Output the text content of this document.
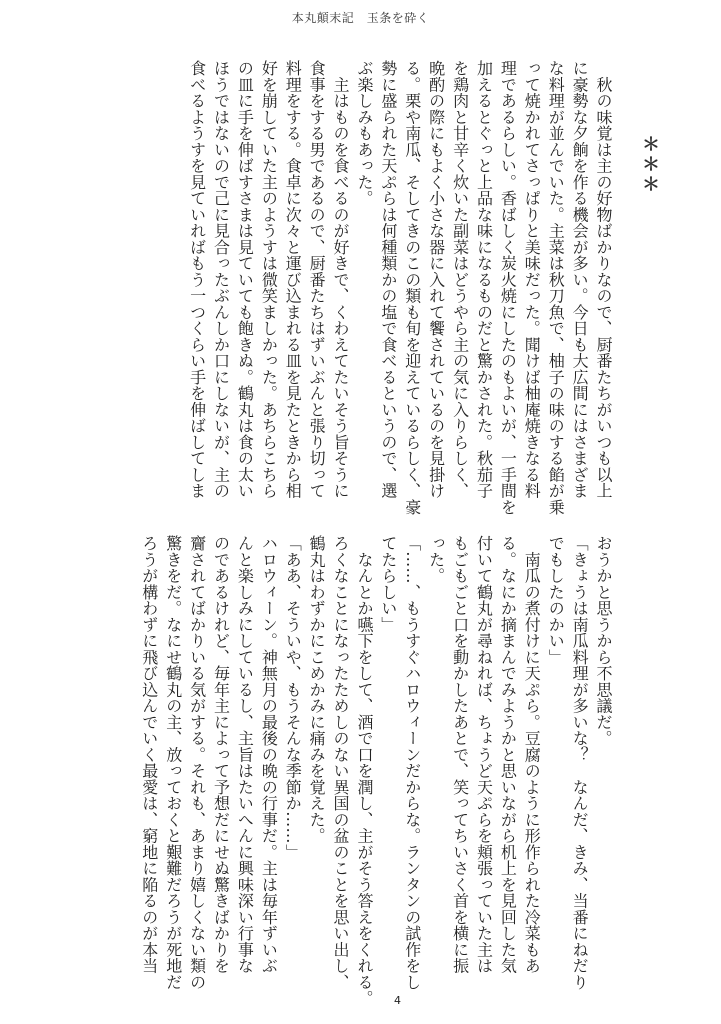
本丸顛末記　玉条を砕く
＊＊＊
　秋の味覚は主の好物ばかりなので、厨番たちがいつも以上
に豪勢な夕餉を作る機会が多い。今日も大広間にはさまざま
な料理が並んでいた。主菜は秋刀魚で、柚子の味のする餡が乗
って焼かれてさっぱりと美味だった。聞けば柚庵焼きなる料
理であるらしい。香ばしく炭火焼にしたのもよいが、一手間を
加えるとぐっと上品な味になるものだと驚かされた。秋茄子
を鶏肉と甘辛く炊いた副菜はどうやら主の気に入りらしく、
晩酌の際にもよく小さな器に入れて饗されているのを見掛け
る。栗や南瓜、そしてきのこの類も旬を迎えているらしく、豪
勢に盛られた天ぷらは何種類かの塩で食べるというので、選
ぶ楽しみもあった。
　主はものを食べるのが好きで、くわえてたいそう旨そうに
食事をする男であるので、厨番たちはずいぶんと張り切って
料理をする。食卓に次々と運び込まれる皿を見たときから相
好を崩していた主のようすは微笑ましかった。あちらこちら
の皿に手を伸ばすさまは見ていても飽きぬ。鶴丸は食の太い
ほうではないので己に見合ったぶんしか口にしないが、主の
食べるようすを見ていればもう一つくらい手を伸ばしてしま
おうかと思うから不思議だ。
「きょうは南瓜料理が多いな？　なんだ、きみ、当番にねだり
でもしたのかい」
　南瓜の煮付けに天ぷら。豆腐のように形作られた冷菜もあ
る。なにか摘まんでみようかと思いながら机上を見回した気
付いて鶴丸が尋ねれば、ちょうど天ぷらを頬張っていた主は
もごもごと口を動かしたあとで、笑ってちいさく首を横に振
った。
「……、もうすぐハロウィーンだからな。ランタンの試作をし
てたらしい」
　なんとか嚥下をして、酒で口を潤し、主がそう答えをくれる。
ろくなことになったためしのない異国の盆のことを思い出し、
鶴丸はわずかにこめかみに痛みを覚えた。
「ああ、そういや、もうそんな季節か……」
ハロウィーン。神無月の最後の晩の行事だ。主は毎年ずいぶ
んと楽しみにしているし、主旨はたいへんに興味深い行事な
のであるけれど、毎年主によって予想だにせぬ驚きばかりを
齎されてばかりいる気がする。それも、あまり嬉しくない類の
驚きをだ。なにせ鶴丸の主、放っておくと艱難だろうが死地だ
ろうが構わずに飛び込んでいく最愛は、窮地に陥るのが本当
4
